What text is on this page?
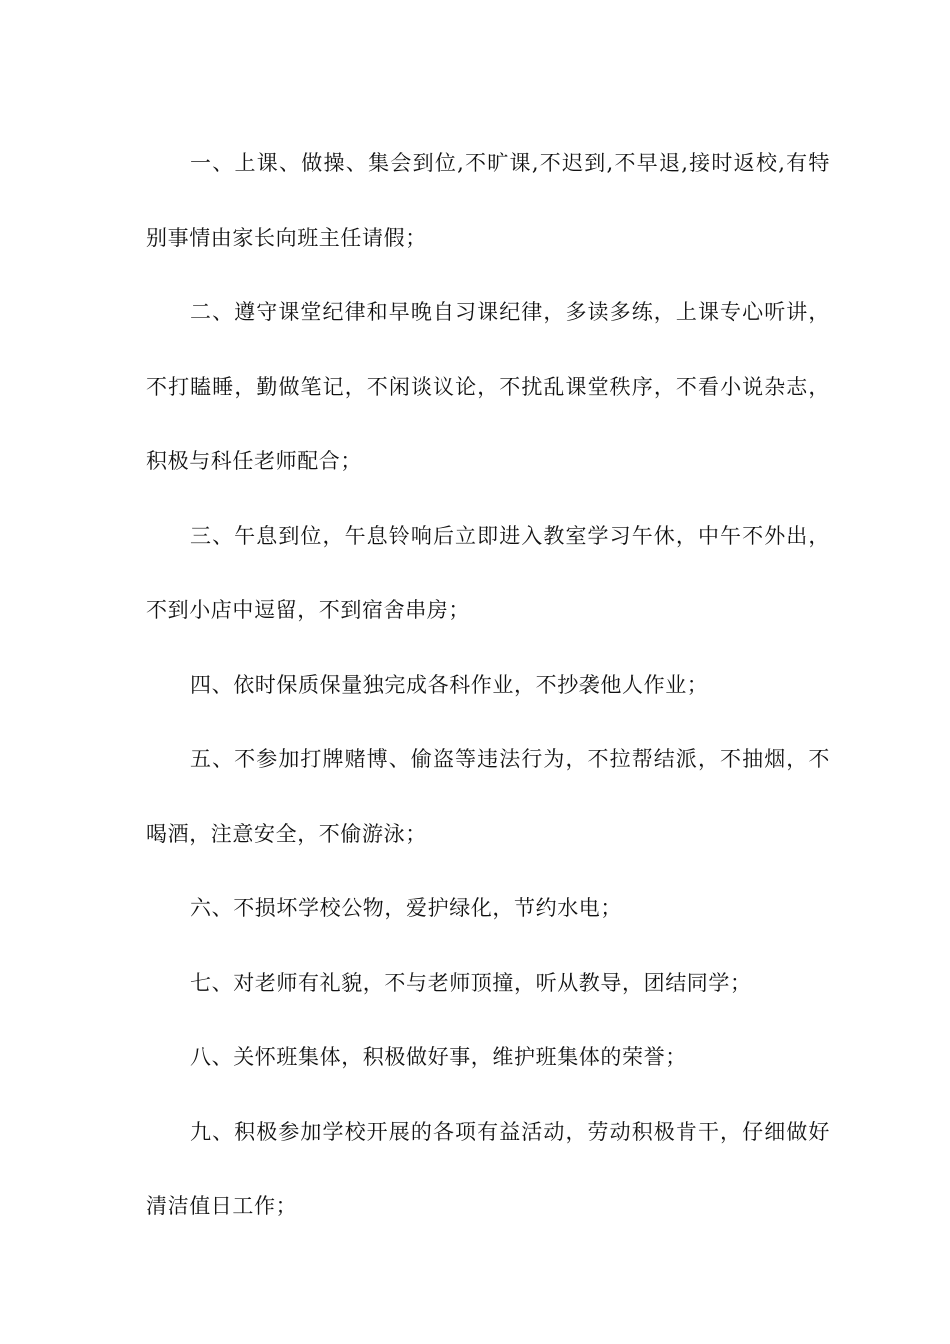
一、上课、做操、集会到位,不旷课,不迟到,不早退,接时返校,有特别事情由家长向班主任请假；

二、遵守课堂纪律和早晚自习课纪律，多读多练，上课专心听讲，不打瞌睡，勤做笔记，不闲谈议论，不扰乱课堂秩序，不看小说杂志，积极与科任老师配合；

三、午息到位，午息铃响后立即进入教室学习午休，中午不外出，不到小店中逗留，不到宿舍串房；

四、依时保质保量独完成各科作业，不抄袭他人作业；

五、不参加打牌赌博、偷盗等违法行为，不拉帮结派，不抽烟，不喝酒，注意安全，不偷游泳；

六、不损坏学校公物，爱护绿化，节约水电；

七、对老师有礼貌，不与老师顶撞，听从教导，团结同学；

八、关怀班集体，积极做好事，维护班集体的荣誉；

九、积极参加学校开展的各项有益活动，劳动积极肯干，仔细做好清洁值日工作；
